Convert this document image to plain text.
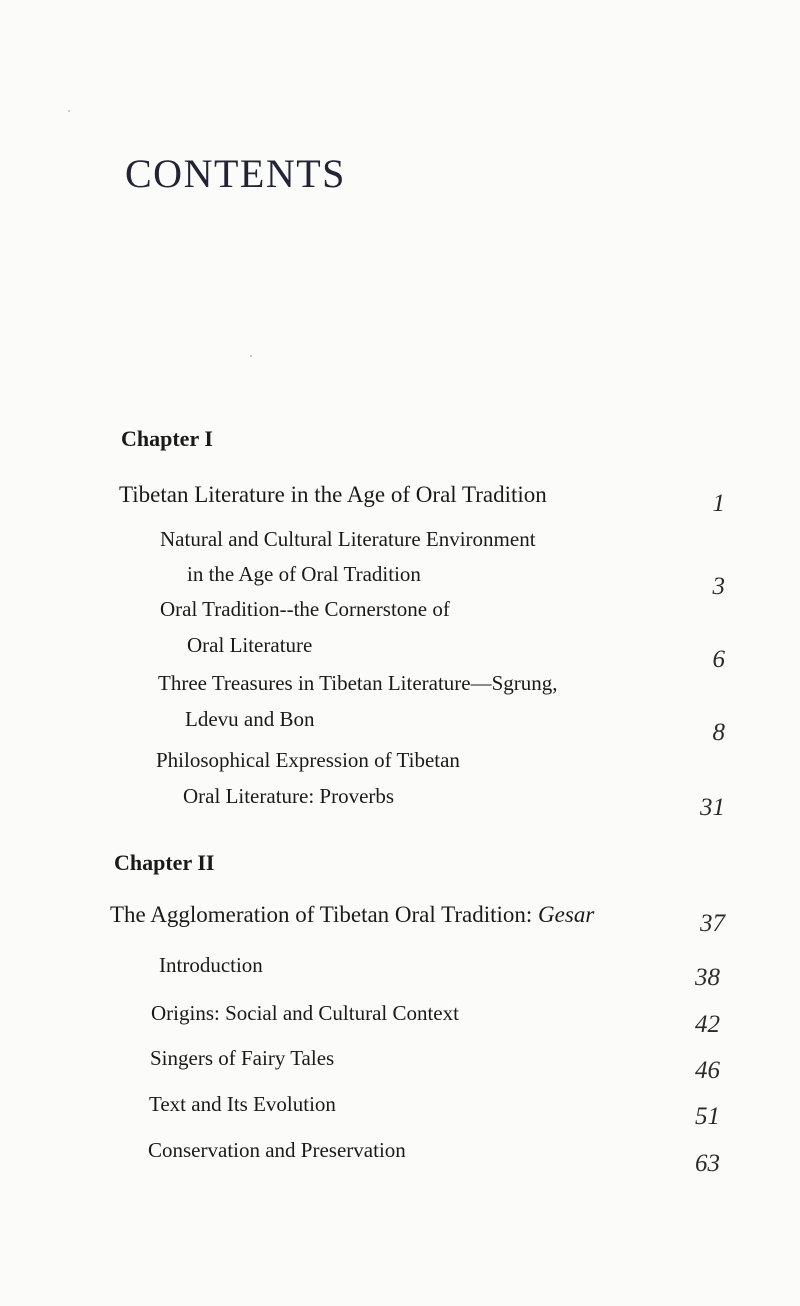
CONTENTS

Chapter I

Tibetan Literature in the Age of Oral Tradition	1

Natural and Cultural Literature Environment

in the Age of Oral Tradition	3

Oral Tradition--the Cornerstone of

Oral Literature

6

Three Treasures in Tibetan Literature—Sgrung,

Ldevu and Bon	8

Philosophical Expression of Tibetan

Oral Literature: Proverbs	31

Chapter II

The Agglomeration of Tibetan Oral Tradition: Gesar	37

Introduction	38

Origins: Social and Cultural Context	42

Singers of Fairy Tales	46

Text and Its Evolution	51

Conservation and Preservation	63
